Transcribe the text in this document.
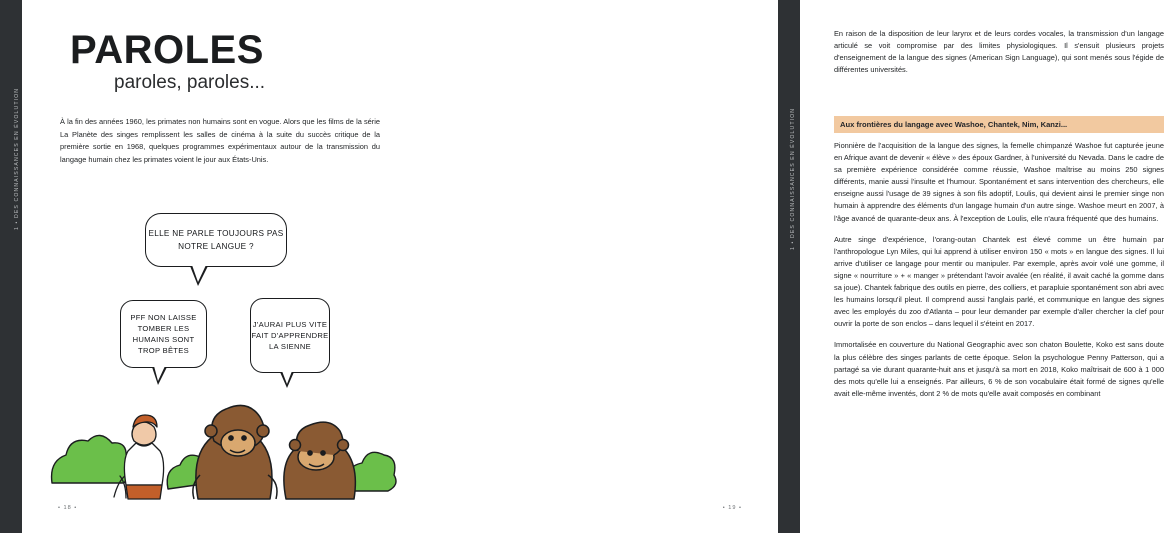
1 • DES CONNAISSANCES EN ÉVOLUTION	1 • DES CONNAISSANCES EN ÉVOLUTION
PAROLES
paroles, paroles...
À la fin des années 1960, les primates non humains sont en vogue. Alors que les films de la série La Planète des singes remplissent les salles de cinéma à la suite du succès critique de la première sortie en 1968, quelques programmes expérimentaux autour de la transmission du langage humain chez les primates voient le jour aux États-Unis.
ELLE NE PARLE TOUJOURS PAS NOTRE LANGUE ?
PFF NON LAISSE TOMBER LES HUMAINS SONT TROP BÊTES
J'AURAI PLUS VITE FAIT D'APPRENDRE LA SIENNE
• 18 •

En raison de la disposition de leur larynx et de leurs cordes vocales, la transmission d'un langage articulé se voit compromise par des limites physiologiques. Il s'ensuit plusieurs projets d'enseignement de la langue des signes (American Sign Language), qui sont menés sous l'égide de différentes universités.

Aux frontières du langage avec Washoe, Chantek, Nim, Kanzi...

Pionnière de l'acquisition de la langue des signes, la femelle chimpanzé Washoe fut capturée jeune en Afrique avant de devenir « élève » des époux Gardner, à l'université du Nevada. Dans le cadre de sa première expérience considérée comme réussie, Washoe maîtrise au moins 250 signes différents, manie aussi l'insulte et l'humour. Spontanément et sans intervention des chercheurs, elle enseigne aussi l'usage de 39 signes à son fils adoptif, Loulis, qui devient ainsi le premier singe non humain à apprendre des éléments d'un langage humain d'un autre singe. Washoe meurt en 2007, à l'âge avancé de quarante-deux ans. À l'exception de Loulis, elle n'aura fréquenté que des humains.

Autre singe d'expérience, l'orang-outan Chantek est élevé comme un être humain par l'anthropologue Lyn Miles, qui lui apprend à utiliser environ 150 « mots » en langue des signes. Il lui arrive d'utiliser ce langage pour mentir ou manipuler. Par exemple, après avoir volé une gomme, il signe « nourriture » + « manger » prétendant l'avoir avalée (en réalité, il avait caché la gomme dans sa joue). Chantek fabrique des outils en pierre, des colliers, et parapluie spontanément son abri avec les humains lorsqu'il pleut. Il comprend aussi l'anglais parlé, et communique en langue des signes avec les employés du zoo d'Atlanta – pour leur demander par exemple d'aller chercher la clef pour ouvrir la porte de son enclos – dans lequel il s'éteint en 2017.

Immortalisée en couverture du National Geographic avec son chaton Boulette, Koko est sans doute la plus célèbre des singes parlants de cette époque. Selon la psychologue Penny Patterson, qui a partagé sa vie durant quarante-huit ans et jusqu'à sa mort en 2018, Koko maîtrisait de 600 à 1 000 des mots qu'elle lui a enseignés. Par ailleurs, 6 % de son vocabulaire était formé de signes qu'elle avait elle-même inventés, dont 2 % de mots qu'elle avait composés en combinant

• 19 •
